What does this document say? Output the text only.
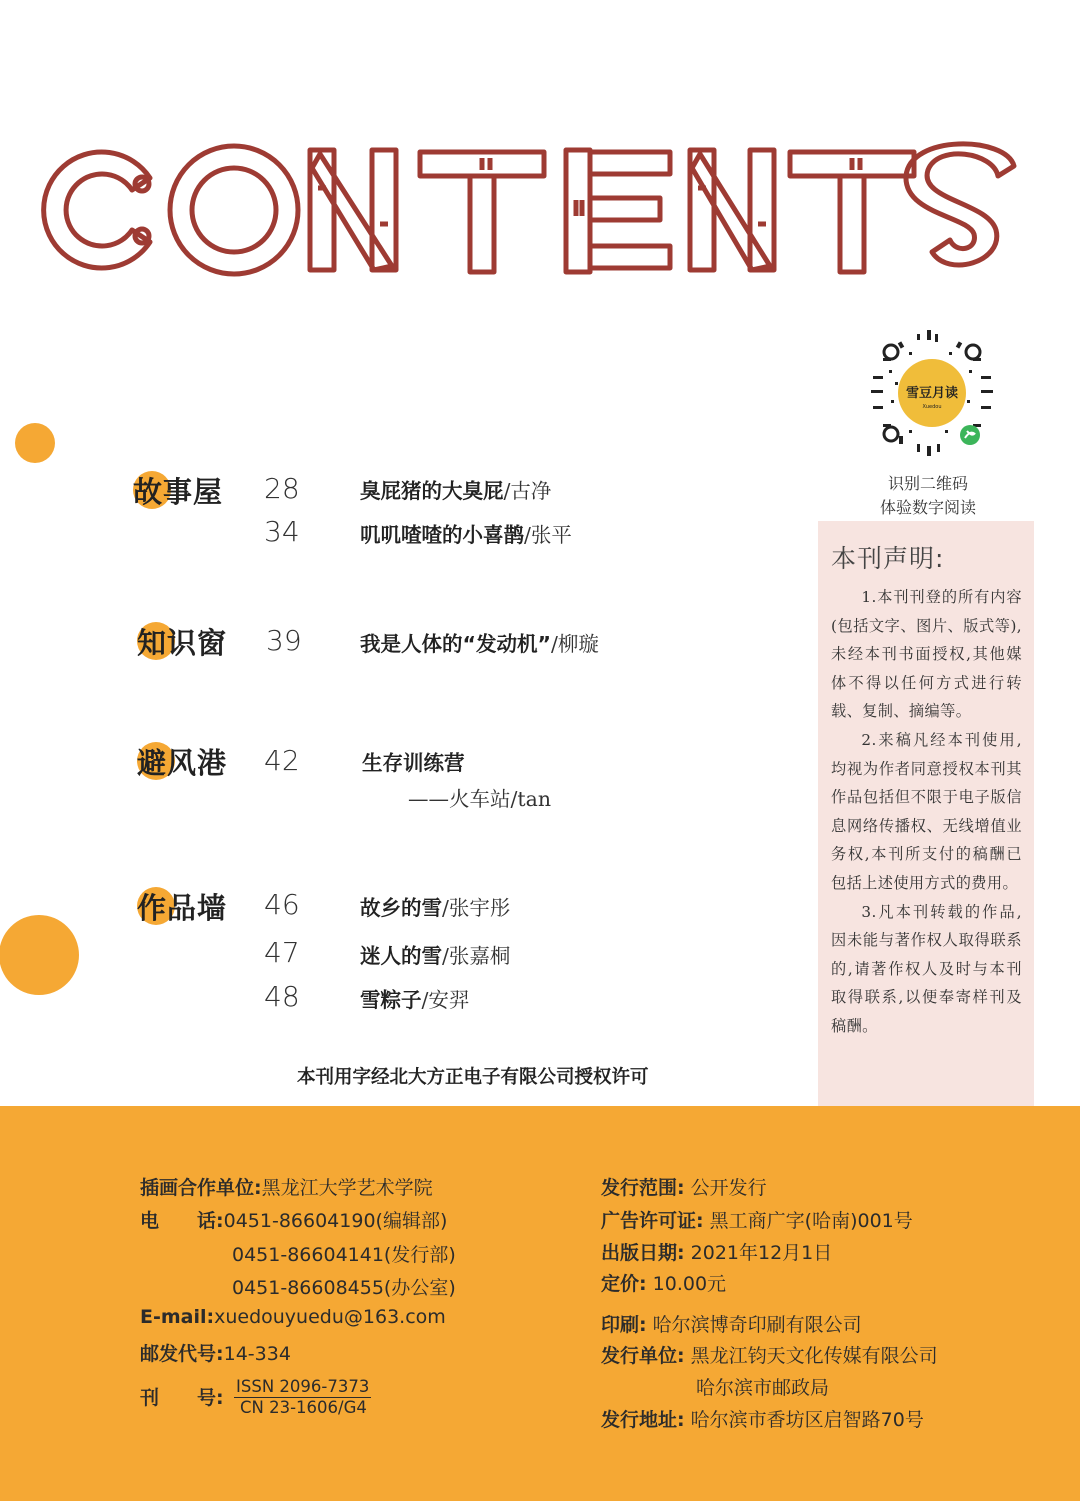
雪豆月读
Xuedou
识别二维码
体验数字阅读
本刊声明:

1.本刊刊登的所有内容(包括文字、图片、版式等),未经本刊书面授权,其他媒体不得以任何方式进行转载、复制、摘编等。

2.来稿凡经本刊使用,均视为作者同意授权本刊其作品包括但不限于电子版信息网络传播权、无线增值业务权,本刊所支付的稿酬已包括上述使用方式的费用。

3.凡本刊转载的作品,因未能与著作权人取得联系的,请著作权人及时与本刊取得联系,以便奉寄样刊及稿酬。

故事屋 28	臭屁猪的大臭屁/古净
34	叽叽喳喳的小喜鹊/张平
知识窗 39	我是人体的“发动机”/柳璇
避风港 42	生存训练营
——火车站/tan
作品墙 46	故乡的雪/张宇彤
47	迷人的雪/张嘉桐
48	雪粽子/安羿
本刊用字经北大方正电子有限公司授权许可
插画合作单位:黑龙江大学艺术学院
电　　话:0451-86604190(编辑部)
0451-86604141(发行部)
0451-86608455(办公室)
E-mail:xuedouyuedu@163.com
邮发代号:14-334
刊　　号:
ISSN 2096-7373
CN 23-1606/G4
发行范围: 公开发行
广告许可证: 黑工商广字(哈南)001号
出版日期: 2021年12月1日
定价: 10.00元
印刷: 哈尔滨博奇印刷有限公司
发行单位: 黑龙江钧天文化传媒有限公司
哈尔滨市邮政局
发行地址: 哈尔滨市香坊区启智路70号
